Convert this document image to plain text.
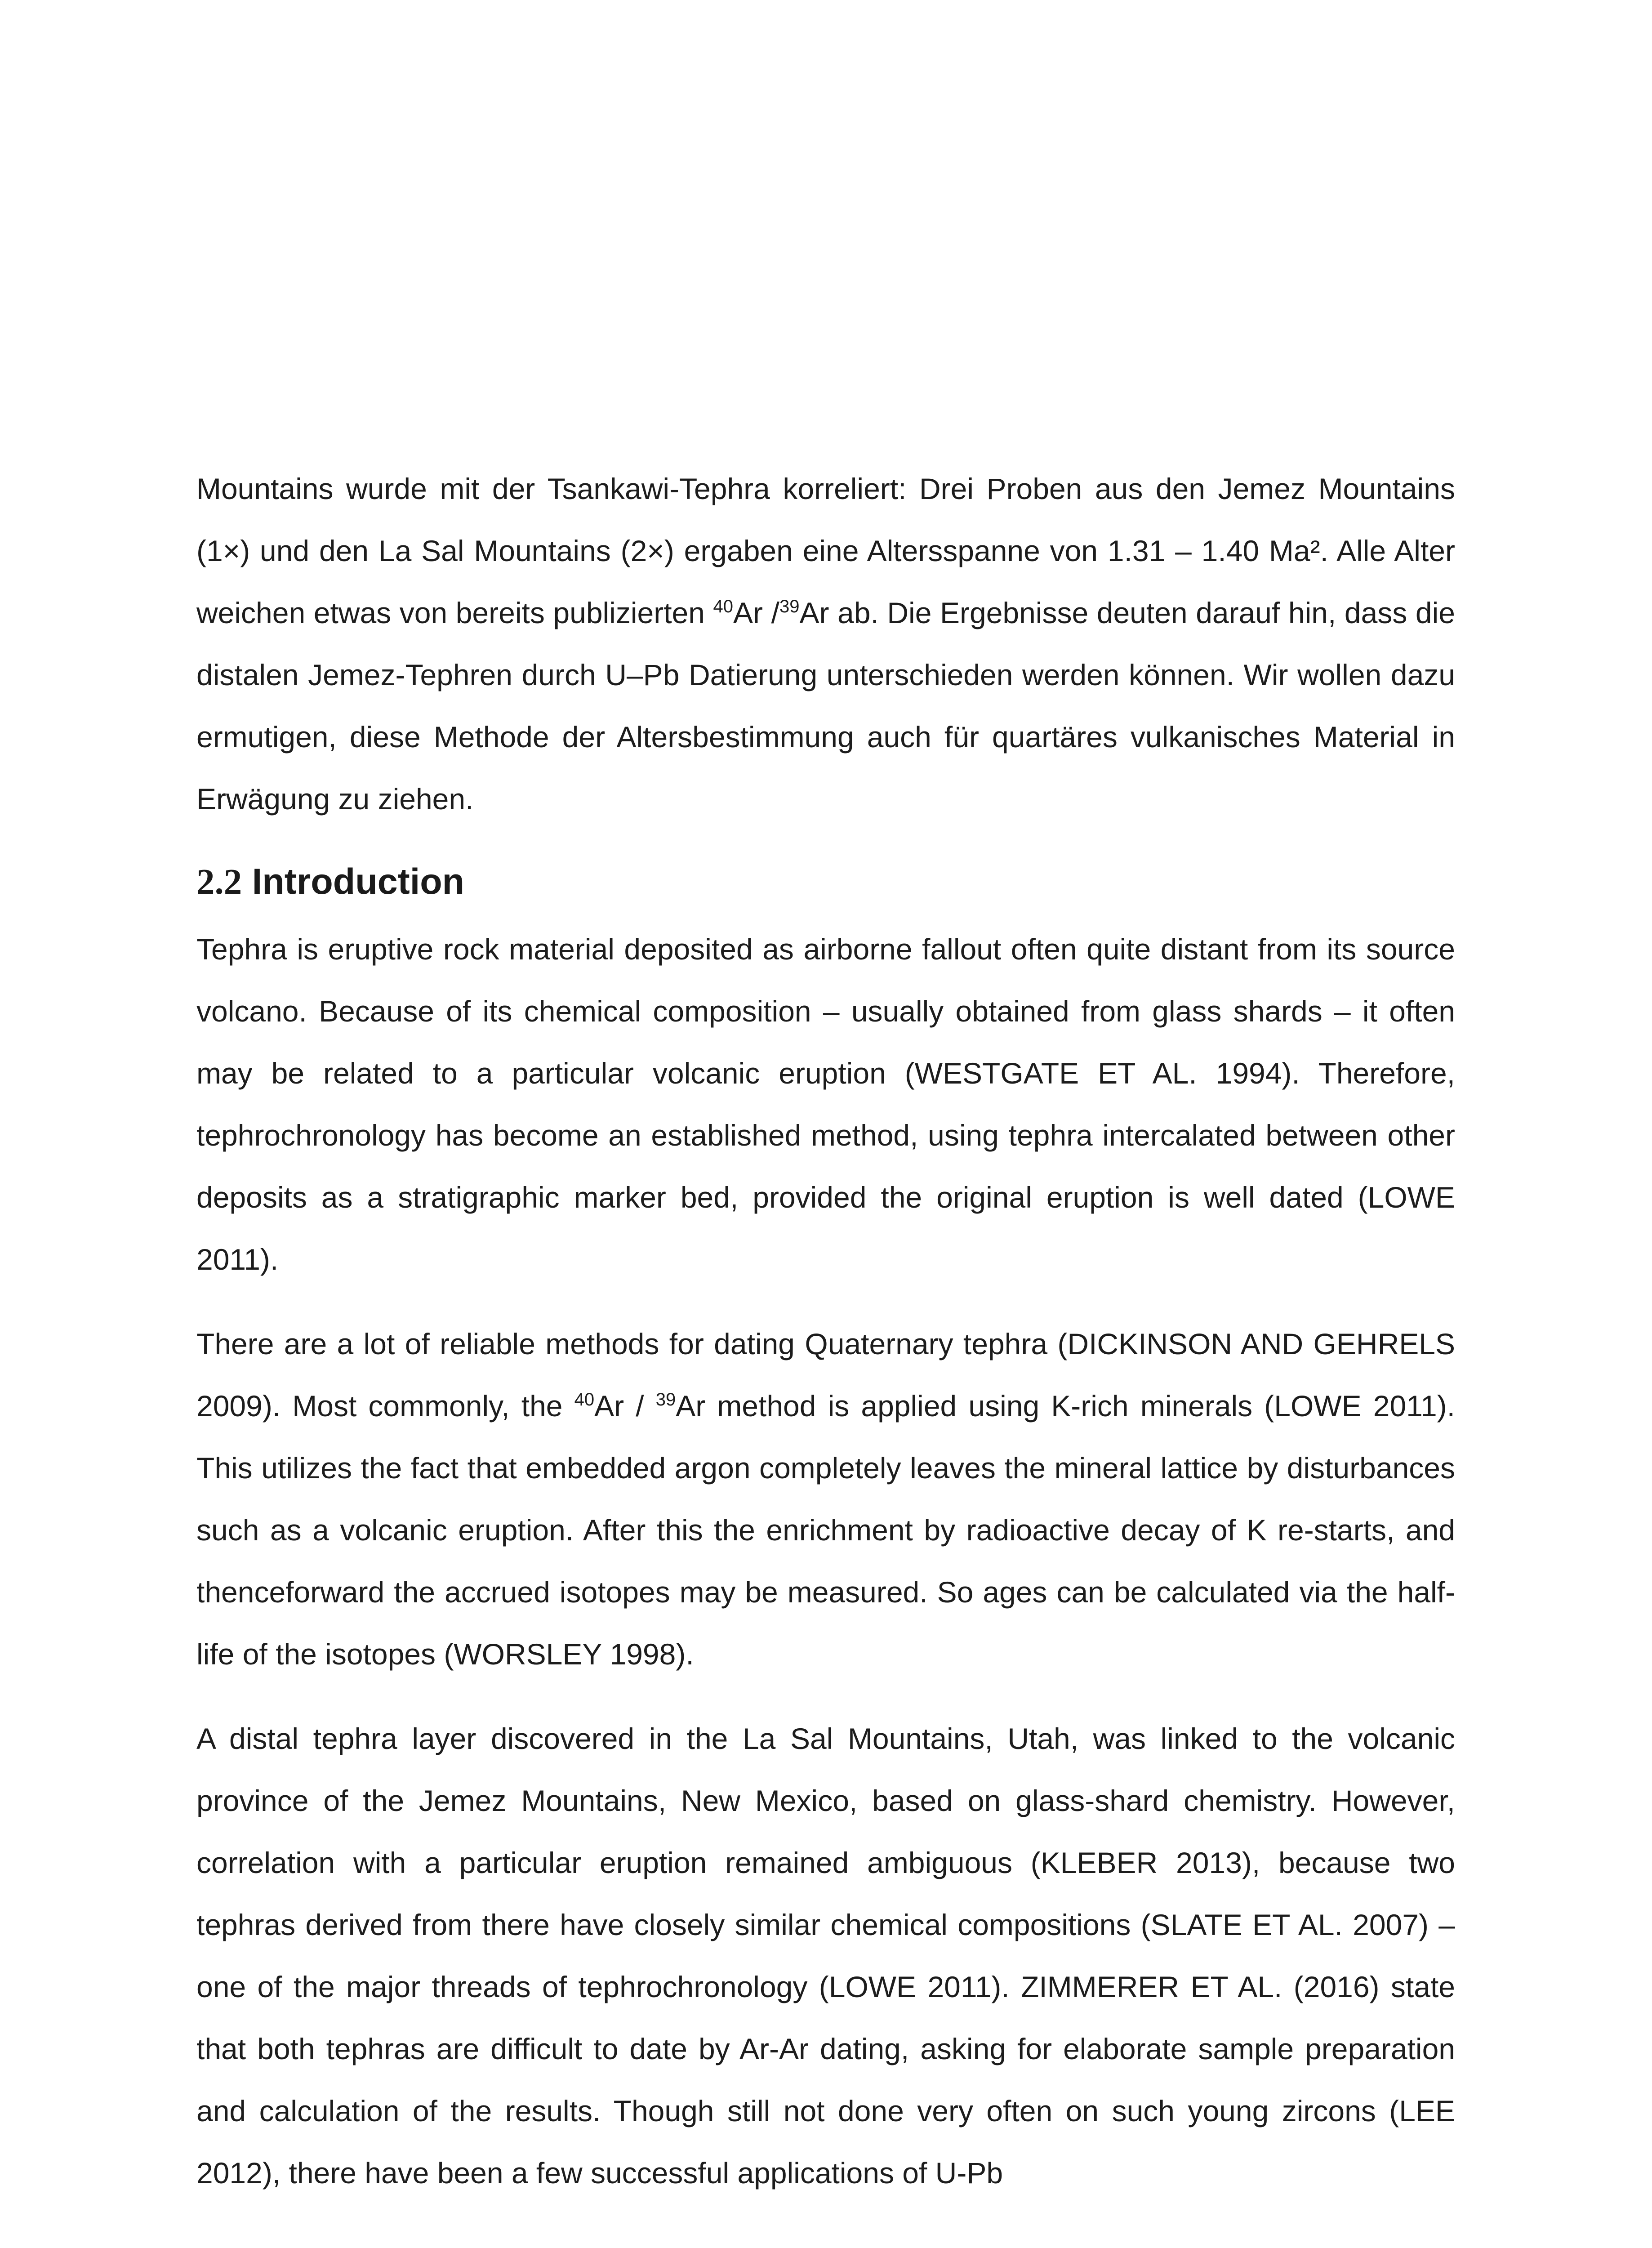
Mountains wurde mit der Tsankawi-Tephra korreliert: Drei Proben aus den Jemez Mountains (1×) und den La Sal Mountains (2×) ergaben eine Altersspanne von 1.31 – 1.40 Ma². Alle Alter weichen etwas von bereits publizierten $^{40}$Ar /$^{39}$Ar ab. Die Ergebnisse deuten darauf hin, dass die distalen Jemez-Tephren durch U–Pb Datierung unterschieden werden können. Wir wollen dazu ermutigen, diese Methode der Altersbestimmung auch für quartäres vulkanisches Material in Erwägung zu ziehen.

2.2 Introduction

Tephra is eruptive rock material deposited as airborne fallout often quite distant from its source volcano. Because of its chemical composition – usually obtained from glass shards – it often may be related to a particular volcanic eruption (WESTGATE ET AL. 1994). Therefore, tephrochronology has become an established method, using tephra intercalated between other deposits as a stratigraphic marker bed, provided the original eruption is well dated (LOWE 2011).

There are a lot of reliable methods for dating Quaternary tephra (DICKINSON AND GEHRELS 2009). Most commonly, the $^{40}$Ar / $^{39}$Ar method is applied using K-rich minerals (LOWE 2011). This utilizes the fact that embedded argon completely leaves the mineral lattice by disturbances such as a volcanic eruption. After this the enrichment by radioactive decay of K re-starts, and thenceforward the accrued isotopes may be measured. So ages can be calculated via the half-life of the isotopes (WORSLEY 1998).

A distal tephra layer discovered in the La Sal Mountains, Utah, was linked to the volcanic province of the Jemez Mountains, New Mexico, based on glass-shard chemistry. However, correlation with a particular eruption remained ambiguous (KLEBER 2013), because two tephras derived from there have closely similar chemical compositions (SLATE ET AL. 2007) – one of the major threads of tephrochronology (LOWE 2011). ZIMMERER ET AL. (2016) state that both tephras are difficult to date by Ar-Ar dating, asking for elaborate sample preparation and calculation of the results. Though still not done very often on such young zircons (LEE 2012), there have been a few successful applications of U-Pb
